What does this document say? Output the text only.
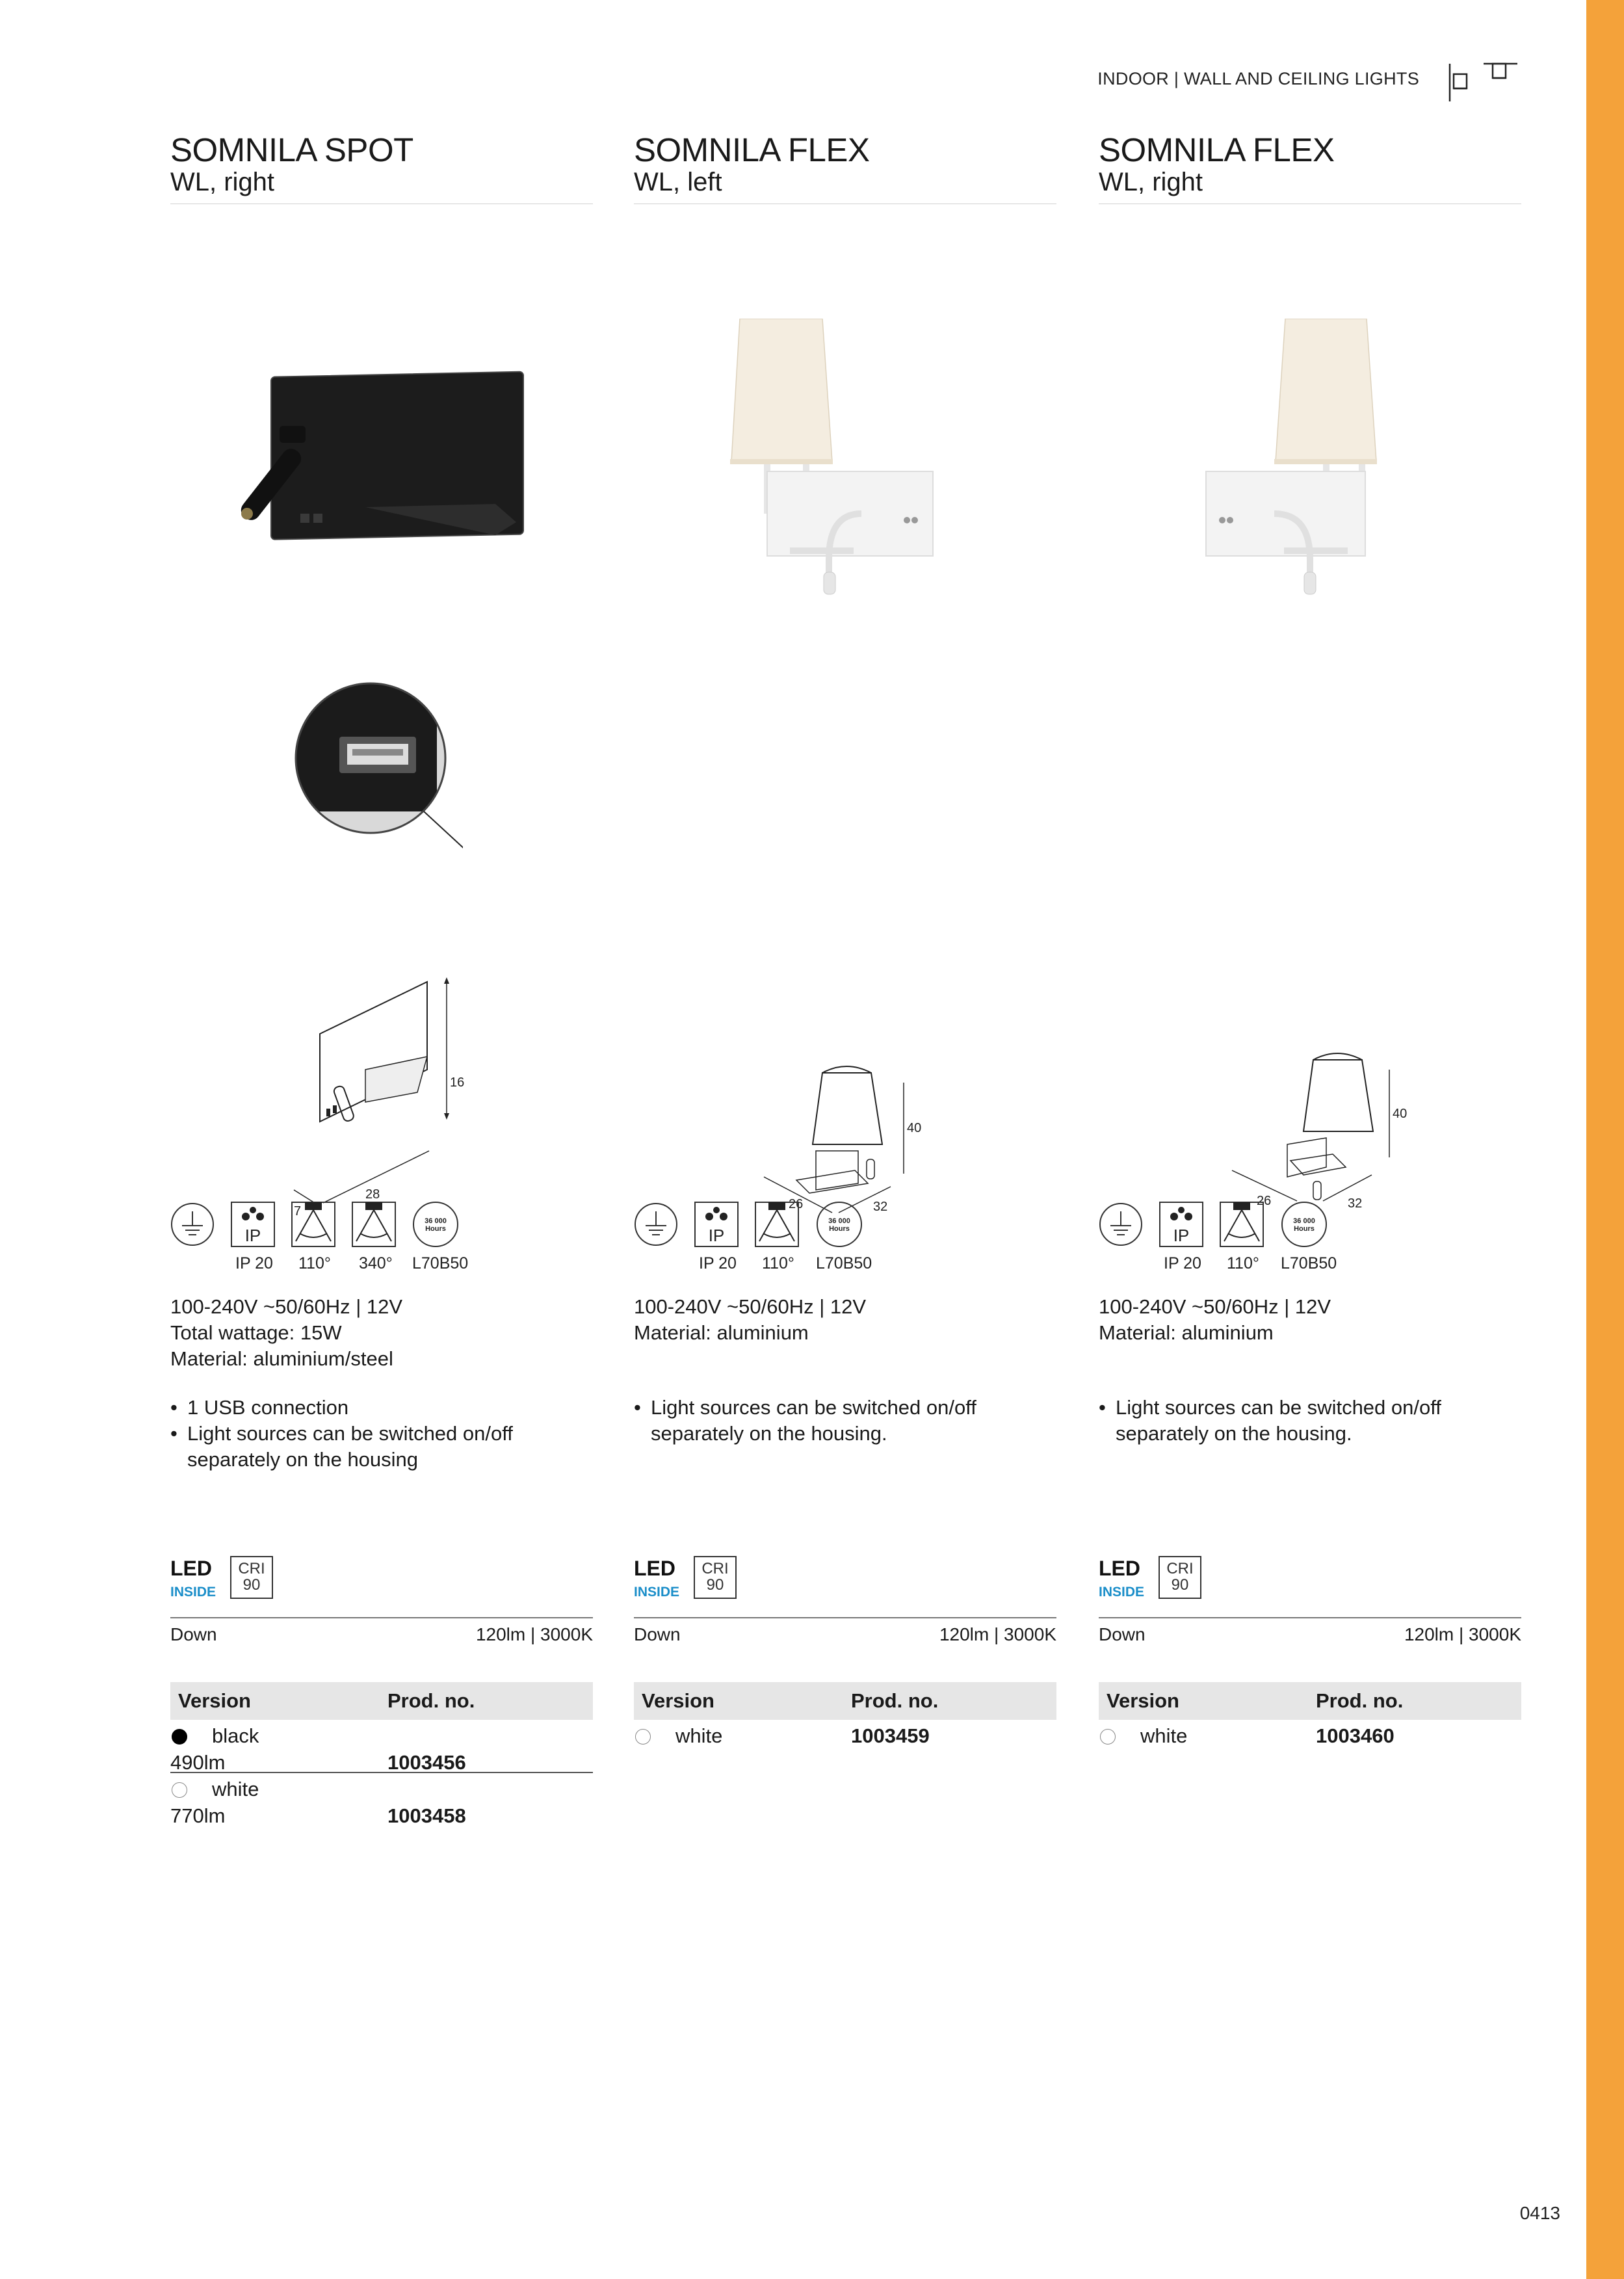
INDOOR | WALL AND CEILING LIGHTS
SOMNILA SPOT
WL, right
16
28
7
IP
36 000
Hours
IP 20 110° 340° L70B50
100-240V ~50/60Hz | 12V
Total wattage: 15W
Material: aluminium/steel
• 1 USB connection
• Light sources can be switched on/off separately on the housing
LED
INSIDE
CRI
90
Down	120lm | 3000K
Version	Prod. no.
black
490lm	1003456
white
770lm	1003458
SOMNILA FLEX
WL, left
40
26	32
IP
36 000
Hours
IP 20 110° L70B50
100-240V ~50/60Hz | 12V
Material: aluminium
• Light sources can be switched on/off separately on the housing.
LED
INSIDE
CRI
90
Down	120lm | 3000K
Version	Prod. no.
white	1003459
SOMNILA FLEX
WL, right
40
26	32
IP
36 000
Hours
IP 20 110° L70B50
100-240V ~50/60Hz | 12V
Material: aluminium
• Light sources can be switched on/off separately on the housing.
LED
INSIDE
CRI
90
Down	120lm | 3000K
Version	Prod. no.
white	1003460
0413
